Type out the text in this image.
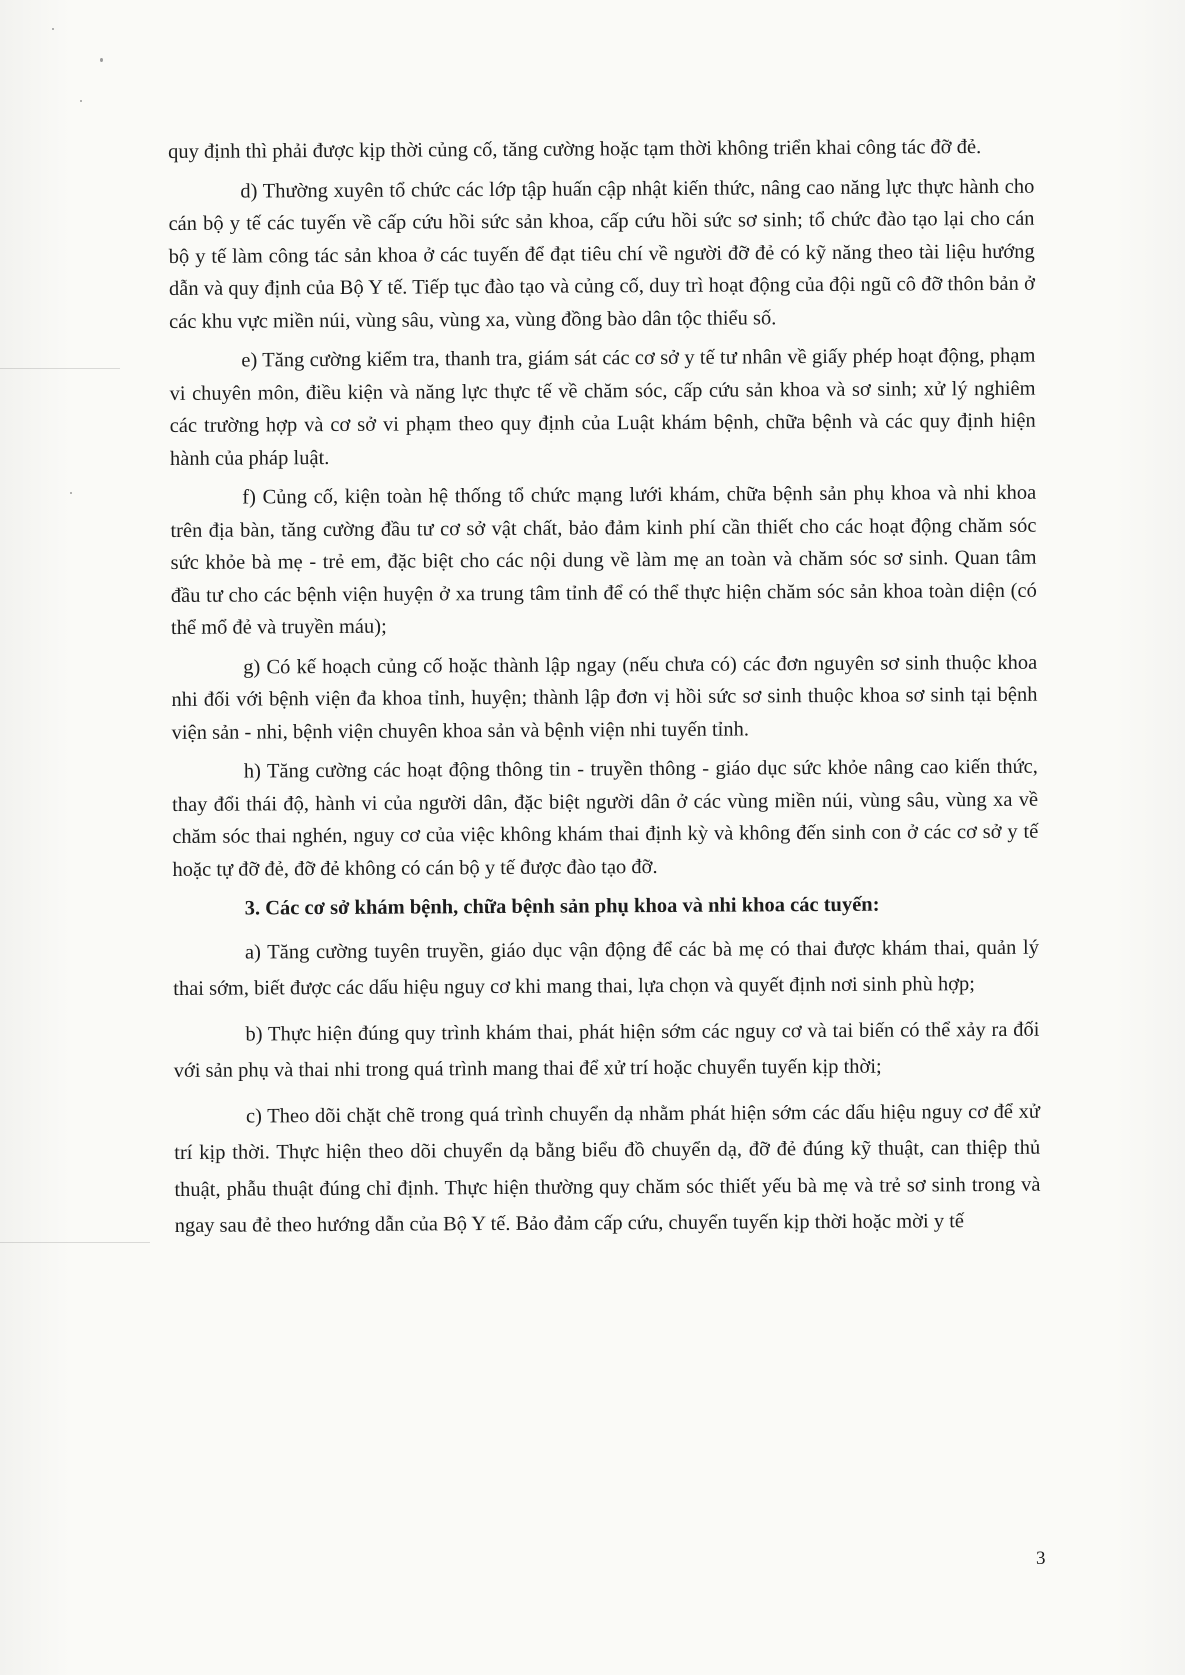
quy định thì phải được kịp thời củng cố, tăng cường hoặc tạm thời không triển khai công tác đỡ đẻ.

d) Thường xuyên tổ chức các lớp tập huấn cập nhật kiến thức, nâng cao năng lực thực hành cho cán bộ y tế các tuyến về cấp cứu hồi sức sản khoa, cấp cứu hồi sức sơ sinh; tổ chức đào tạo lại cho cán bộ y tế làm công tác sản khoa ở các tuyến để đạt tiêu chí về người đỡ đẻ có kỹ năng theo tài liệu hướng dẫn và quy định của Bộ Y tế. Tiếp tục đào tạo và củng cố, duy trì hoạt động của đội ngũ cô đỡ thôn bản ở các khu vực miền núi, vùng sâu, vùng xa, vùng đồng bào dân tộc thiểu số.

e) Tăng cường kiểm tra, thanh tra, giám sát các cơ sở y tế tư nhân về giấy phép hoạt động, phạm vi chuyên môn, điều kiện và năng lực thực tế về chăm sóc, cấp cứu sản khoa và sơ sinh; xử lý nghiêm các trường hợp và cơ sở vi phạm theo quy định của Luật khám bệnh, chữa bệnh và các quy định hiện hành của pháp luật.

f) Củng cố, kiện toàn hệ thống tổ chức mạng lưới khám, chữa bệnh sản phụ khoa và nhi khoa trên địa bàn, tăng cường đầu tư cơ sở vật chất, bảo đảm kinh phí cần thiết cho các hoạt động chăm sóc sức khỏe bà mẹ - trẻ em, đặc biệt cho các nội dung về làm mẹ an toàn và chăm sóc sơ sinh. Quan tâm đầu tư cho các bệnh viện huyện ở xa trung tâm tỉnh để có thể thực hiện chăm sóc sản khoa toàn diện (có thể mổ đẻ và truyền máu);

g) Có kế hoạch củng cố hoặc thành lập ngay (nếu chưa có) các đơn nguyên sơ sinh thuộc khoa nhi đối với bệnh viện đa khoa tỉnh, huyện; thành lập đơn vị hồi sức sơ sinh thuộc khoa sơ sinh tại bệnh viện sản - nhi, bệnh viện chuyên khoa sản và bệnh viện nhi tuyến tỉnh.

h) Tăng cường các hoạt động thông tin - truyền thông - giáo dục sức khỏe nâng cao kiến thức, thay đổi thái độ, hành vi của người dân, đặc biệt người dân ở các vùng miền núi, vùng sâu, vùng xa về chăm sóc thai nghén, nguy cơ của việc không khám thai định kỳ và không đến sinh con ở các cơ sở y tế hoặc tự đỡ đẻ, đỡ đẻ không có cán bộ y tế được đào tạo đỡ.

3. Các cơ sở khám bệnh, chữa bệnh sản phụ khoa và nhi khoa các tuyến:

a) Tăng cường tuyên truyền, giáo dục vận động để các bà mẹ có thai được khám thai, quản lý thai sớm, biết được các dấu hiệu nguy cơ khi mang thai, lựa chọn và quyết định nơi sinh phù hợp;

b) Thực hiện đúng quy trình khám thai, phát hiện sớm các nguy cơ và tai biến có thể xảy ra đối với sản phụ và thai nhi trong quá trình mang thai để xử trí hoặc chuyển tuyến kịp thời;

c) Theo dõi chặt chẽ trong quá trình chuyển dạ nhằm phát hiện sớm các dấu hiệu nguy cơ để xử trí kịp thời. Thực hiện theo dõi chuyển dạ bằng biểu đồ chuyển dạ, đỡ đẻ đúng kỹ thuật, can thiệp thủ thuật, phẫu thuật đúng chỉ định. Thực hiện thường quy chăm sóc thiết yếu bà mẹ và trẻ sơ sinh trong và ngay sau đẻ theo hướng dẫn của Bộ Y tế. Bảo đảm cấp cứu, chuyển tuyến kịp thời hoặc mời y tế

3
